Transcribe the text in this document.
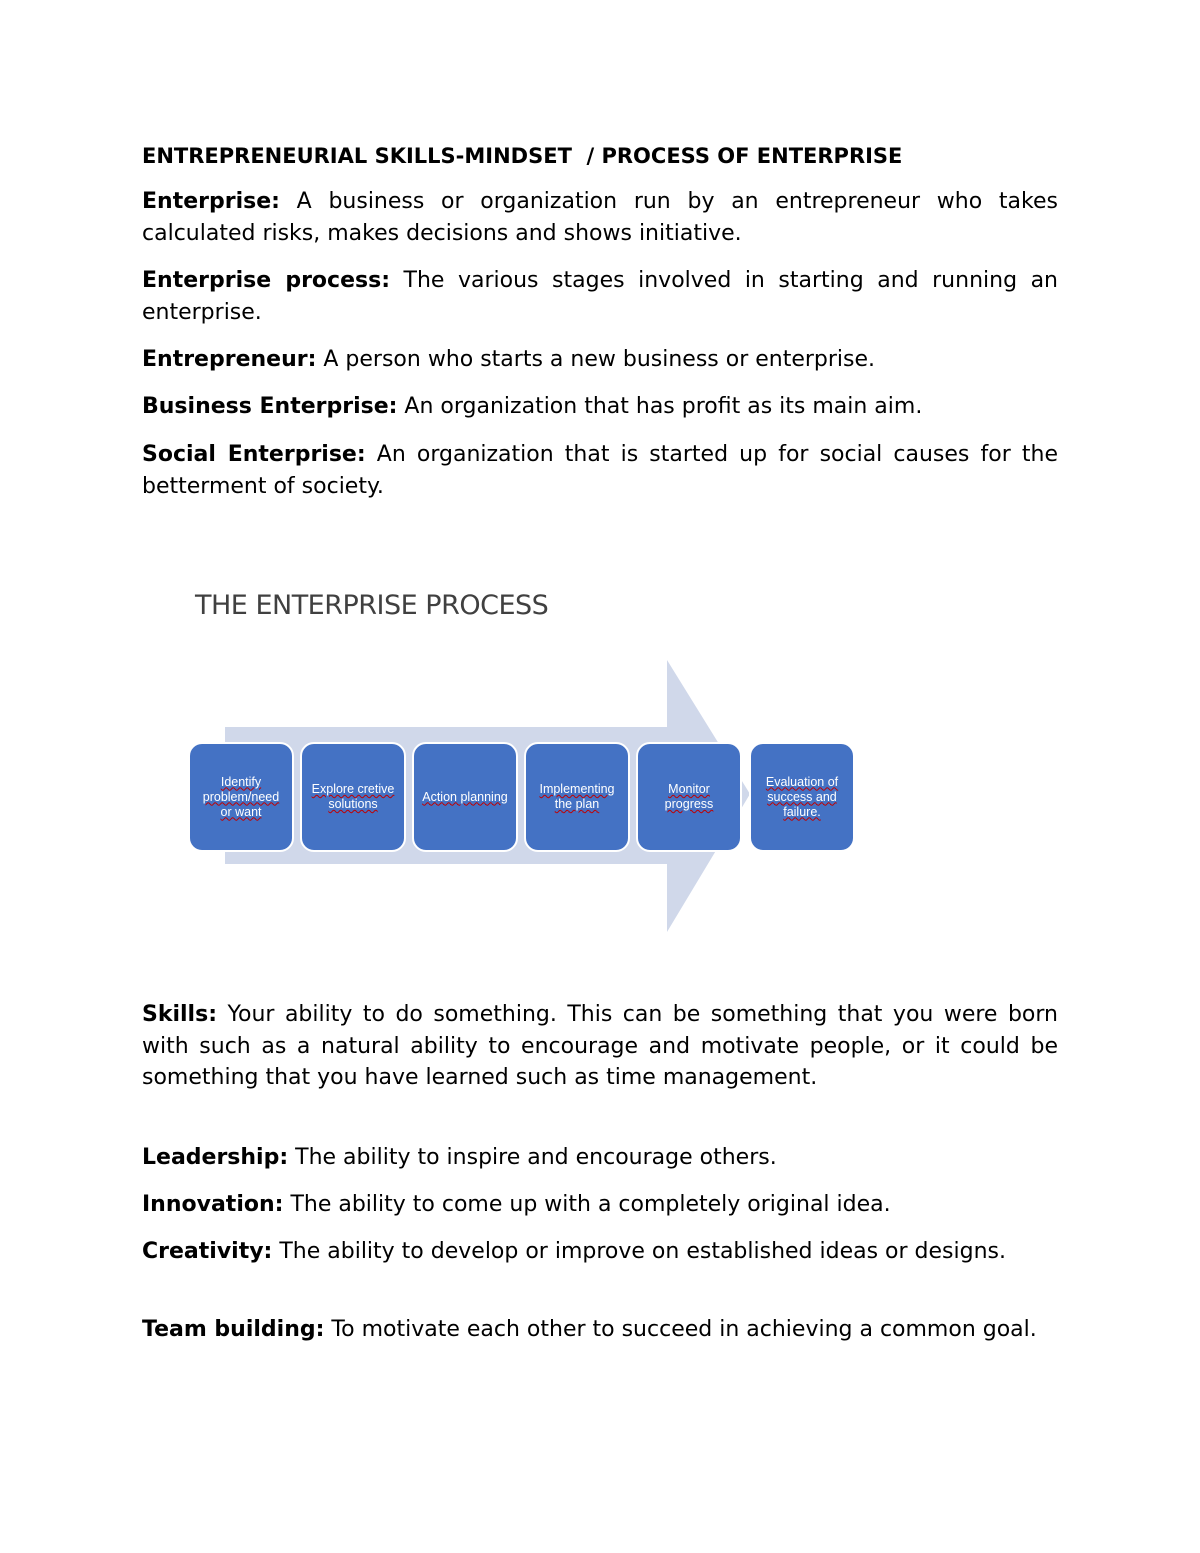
ENTREPRENEURIAL SKILLS-MINDSET  / PROCESS OF ENTERPRISE

Enterprise: A business or organization run by an entrepreneur who takes calculated risks, makes decisions and shows initiative.

Enterprise process: The various stages involved in starting and running an enterprise.

Entrepreneur: A person who starts a new business or enterprise.

Business Enterprise: An organization that has profit as its main aim.

Social Enterprise: An organization that is started up for social causes for the betterment of society.

THE ENTERPRISE PROCESS

Identify problem/need or want
Explore cretive solutions
Action planning
Implementing the plan
Monitor progress
Evaluation of success and failure.

Skills: Your ability to do something. This can be something that you were born with such as a natural ability to encourage and motivate people, or it could be something that you have learned such as time management.

Leadership: The ability to inspire and encourage others.

Innovation: The ability to come up with a completely original idea.

Creativity: The ability to develop or improve on established ideas or designs.

Team building: To motivate each other to succeed in achieving a common goal.
